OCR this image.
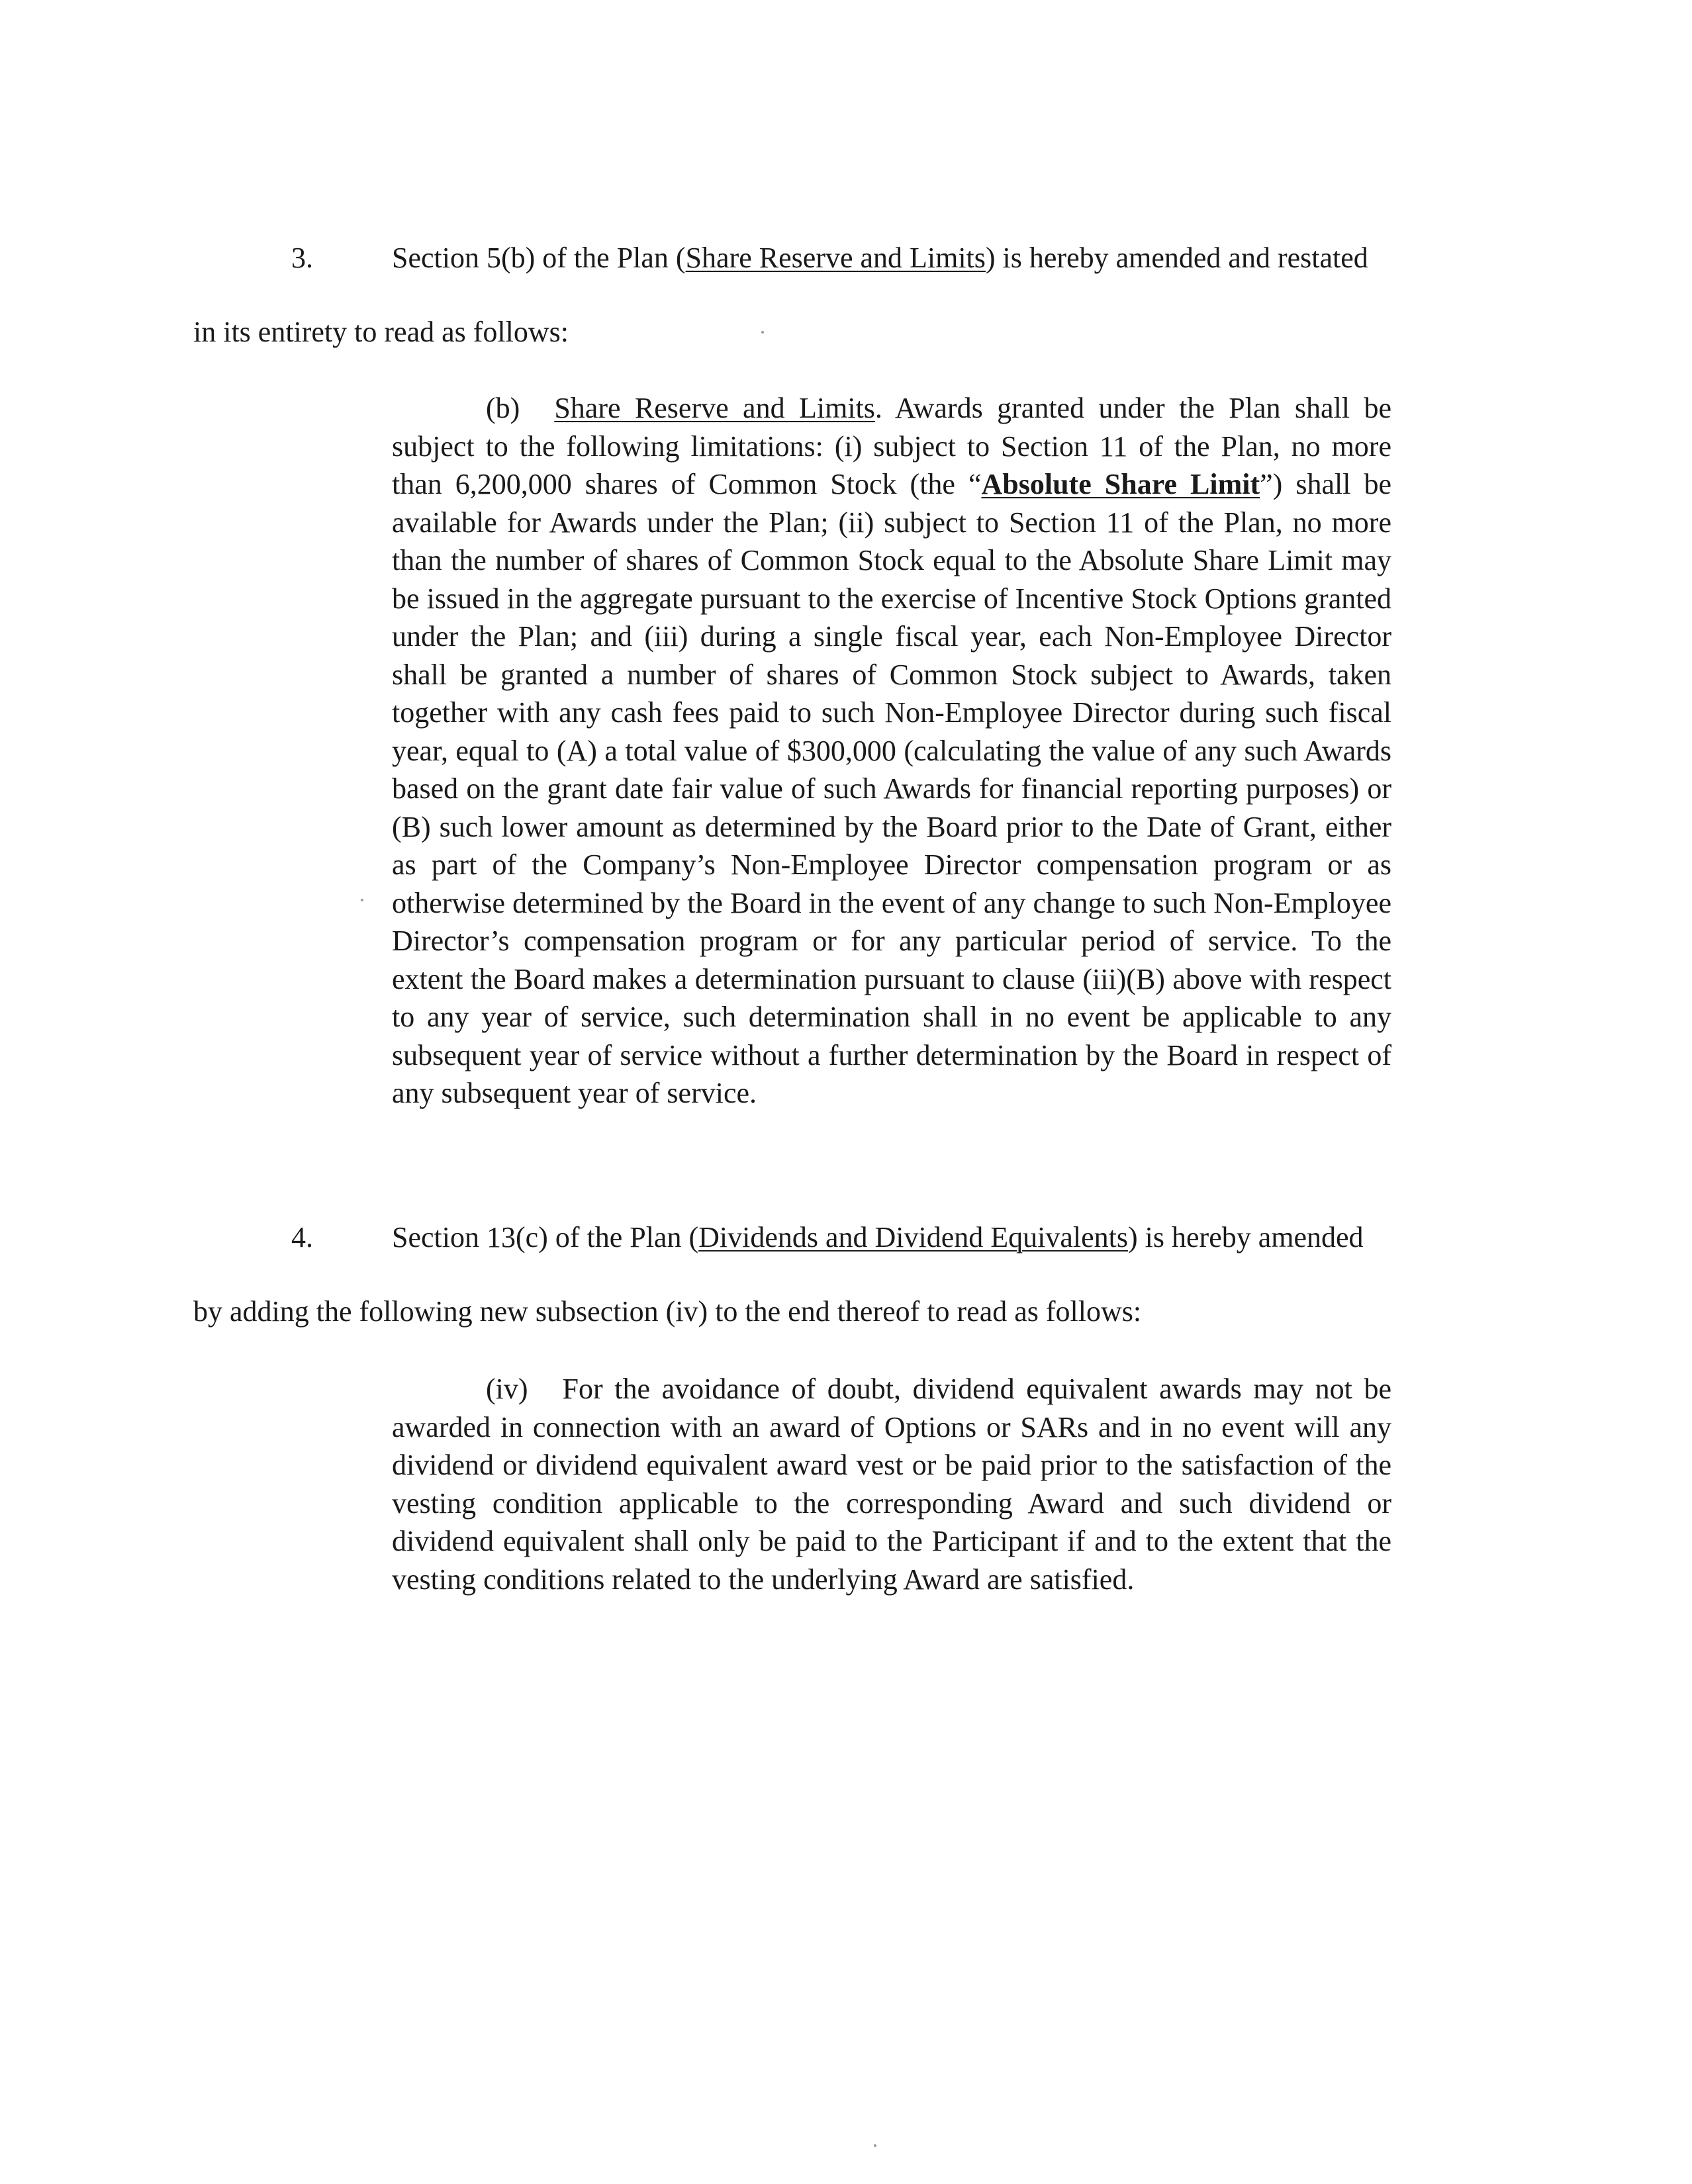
3.	Section 5(b) of the Plan (Share Reserve and Limits) is hereby amended and restated
in its entirety to read as follows:
(b) Share Reserve and Limits. Awards granted under the Plan shall be subject to the following limitations: (i) subject to Section 11 of the Plan, no more than 6,200,000 shares of Common Stock (the “Absolute Share Limit”) shall be available for Awards under the Plan; (ii) subject to Section 11 of the Plan, no more than the number of shares of Common Stock equal to the Absolute Share Limit may be issued in the aggregate pursuant to the exercise of Incentive Stock Options granted under the Plan; and (iii) during a single fiscal year, each Non-Employee Director shall be granted a number of shares of Common Stock subject to Awards, taken together with any cash fees paid to such Non-Employee Director during such fiscal year, equal to (A) a total value of $300,000 (calculating the value of any such Awards based on the grant date fair value of such Awards for financial reporting purposes) or (B) such lower amount as determined by the Board prior to the Date of Grant, either as part of the Company’s Non-Employee Director compensation program or as otherwise determined by the Board in the event of any change to such Non-Employee Director’s compensation program or for any particular period of service. To the extent the Board makes a determination pursuant to clause (iii)(B) above with respect to any year of service, such determination shall in no event be applicable to any subsequent year of service without a further determination by the Board in respect of any subsequent year of service.
4.	Section 13(c) of the Plan (Dividends and Dividend Equivalents) is hereby amended
by adding the following new subsection (iv) to the end thereof to read as follows:
(iv) For the avoidance of doubt, dividend equivalent awards may not be awarded in connection with an award of Options or SARs and in no event will any dividend or dividend equivalent award vest or be paid prior to the satisfaction of the vesting condition applicable to the corresponding Award and such dividend or dividend equivalent shall only be paid to the Participant if and to the extent that the vesting conditions related to the underlying Award are satisfied.
